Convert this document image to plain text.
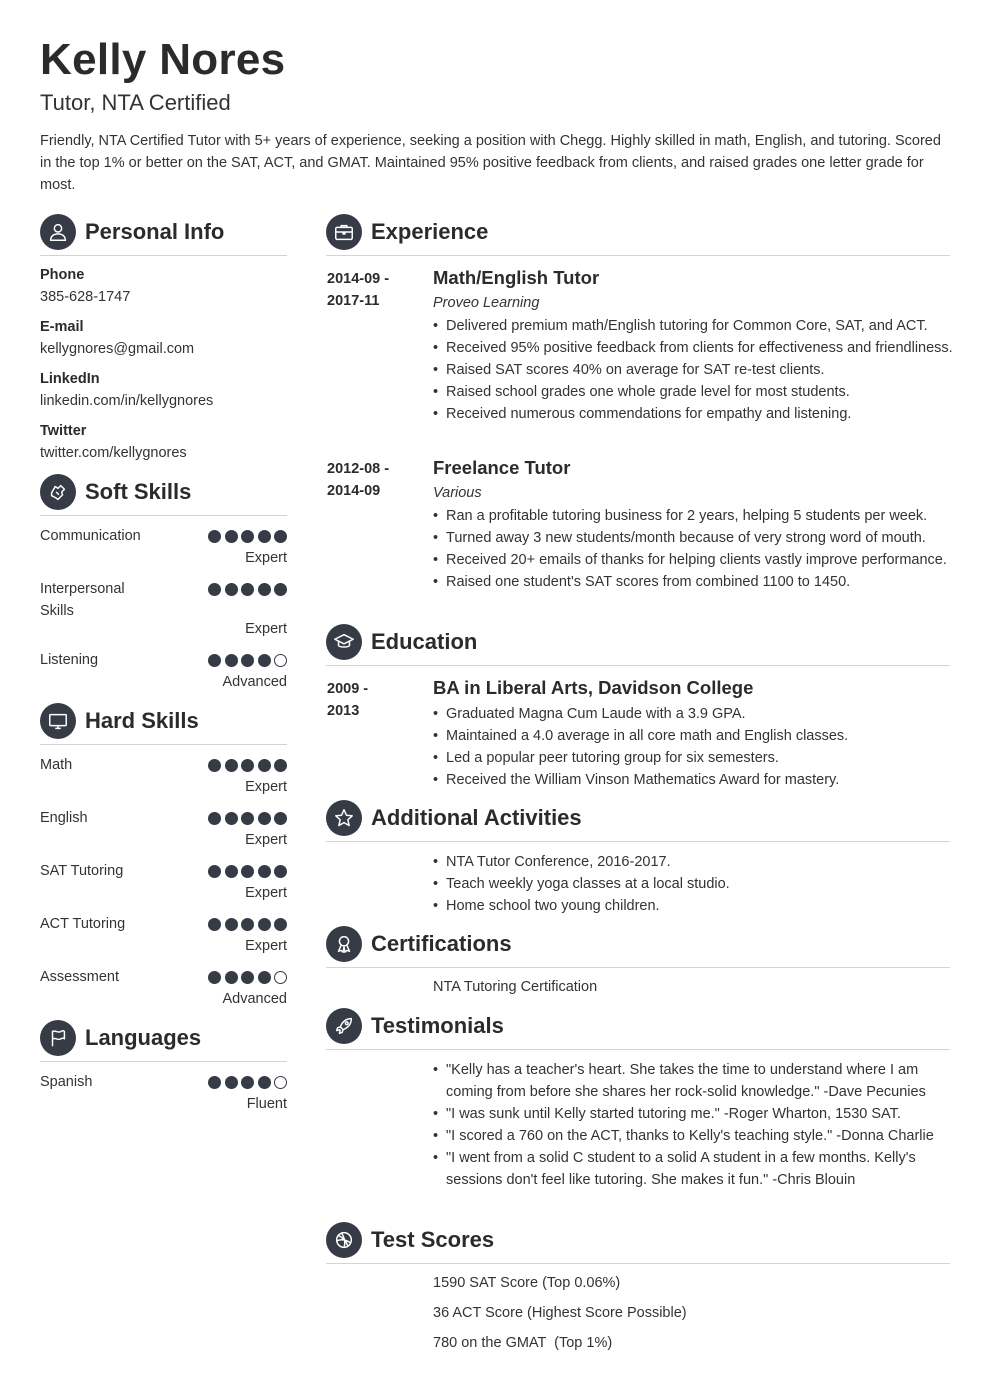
Kelly Nores
Tutor, NTA Certified
Friendly, NTA Certified Tutor with 5+ years of experience, seeking a position with Chegg. Highly skilled in math, English, and tutoring. Scored in the top 1% or better on the SAT, ACT, and GMAT. Maintained 95% positive feedback from clients, and raised grades one letter grade for most.
Personal Info
Phone
385-628-1747
E-mail
kellygnores@gmail.com
LinkedIn
linkedin.com/in/kellygnores
Twitter
twitter.com/kellygnores
Soft Skills
Communication
Expert
Interpersonal Skills
Expert
Listening
Advanced
Hard Skills
Math
Expert
English
Expert
SAT Tutoring
Expert
ACT Tutoring
Expert
Assessment
Advanced
Languages
Spanish
Fluent
Experience
2014-09 -
2017-11
Math/English Tutor
Proveo Learning
• Delivered premium math/English tutoring for Common Core, SAT, and ACT.
• Received 95% positive feedback from clients for effectiveness and friendliness.
• Raised SAT scores 40% on average for SAT re-test clients.
• Raised school grades one whole grade level for most students.
• Received numerous commendations for empathy and listening.
2012-08 -
2014-09
Freelance Tutor
Various
• Ran a profitable tutoring business for 2 years, helping 5 students per week.
• Turned away 3 new students/month because of very strong word of mouth.
• Received 20+ emails of thanks for helping clients vastly improve performance.
• Raised one student's SAT scores from combined 1100 to 1450.
Education
2009 -
2013
BA in Liberal Arts, Davidson College
• Graduated Magna Cum Laude with a 3.9 GPA.
• Maintained a 4.0 average in all core math and English classes.
• Led a popular peer tutoring group for six semesters.
• Received the William Vinson Mathematics Award for mastery.
Additional Activities
• NTA Tutor Conference, 2016-2017.
• Teach weekly yoga classes at a local studio.
• Home school two young children.
Certifications
NTA Tutoring Certification
Testimonials
• "Kelly has a teacher's heart. She takes the time to understand where I am coming from before she shares her rock-solid knowledge." -Dave Pecunies
• "I was sunk until Kelly started tutoring me." -Roger Wharton, 1530 SAT.
• "I scored a 760 on the ACT, thanks to Kelly's teaching style." -Donna Charlie
• "I went from a solid C student to a solid A student in a few months. Kelly's sessions don't feel like tutoring. She makes it fun." -Chris Blouin
Test Scores
1590 SAT Score (Top 0.06%)
36 ACT Score (Highest Score Possible)
780 on the GMAT  (Top 1%)
